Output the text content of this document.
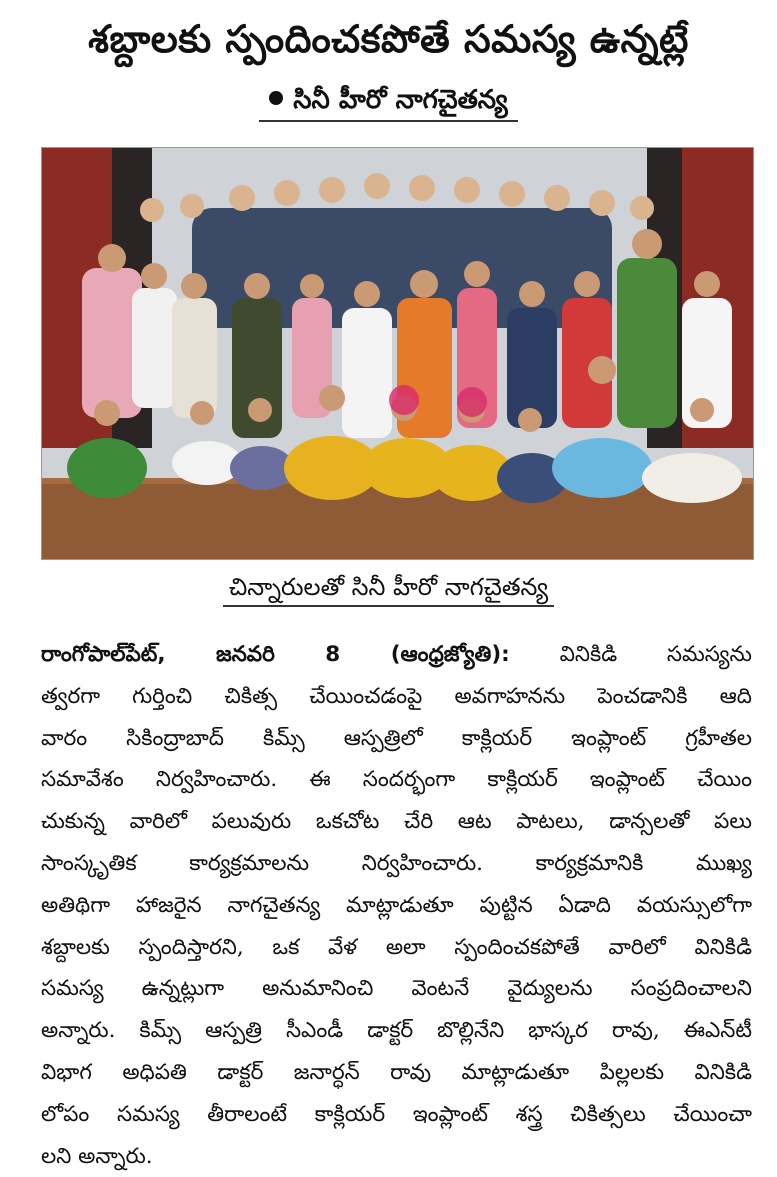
శబ్దాలకు స్పందించకపోతే సమస్య ఉన్నట్లే
సినీ హీరో నాగచైతన్య
చిన్నారులతో సినీ హీరో నాగచైతన్య
రాంగోపాల్‌పేట్, జనవరి 8 (ఆంధ్రజ్యోతి): వినికిడి సమస్యను
త్వరగా గుర్తించి చికిత్స చేయించడంపై అవగాహనను పెంచడానికి ఆది
వారం సికింద్రాబాద్ కిమ్స్ ఆస్పత్రిలో కాక్లియర్ ఇంప్లాంట్ గ్రహీతల
సమావేశం నిర్వహించారు. ఈ సందర్భంగా కాక్లియర్ ఇంప్లాంట్ చేయిం
చుకున్న వారిలో పలువురు ఒకచోట చేరి ఆట పాటలు, డాన్సలతో పలు
సాంస్కృతిక కార్యక్రమాలను నిర్వహించారు. కార్యక్రమానికి ముఖ్య
అతిథిగా హాజరైన నాగచైతన్య మాట్లాడుతూ పుట్టిన ఏడాది వయస్సులోగా
శబ్దాలకు స్పందిస్తారని, ఒక వేళ అలా స్పందించకపోతే వారిలో వినికిడి
సమస్య ఉన్నట్లుగా అనుమానించి వెంటనే వైద్యులను సంప్రదించాలని
అన్నారు. కిమ్స్ ఆస్పత్రి సీఎండీ డాక్టర్ బొల్లినేని భాస్కర రావు, ఈఎన్‌టీ
విభాగ అధిపతి డాక్టర్ జనార్ధన్ రావు మాట్లాడుతూ పిల్లలకు వినికిడి
లోపం సమస్య తీరాలంటే కాక్లియర్ ఇంప్లాంట్ శస్త్ర చికిత్సలు చేయించా
లని అన్నారు.
